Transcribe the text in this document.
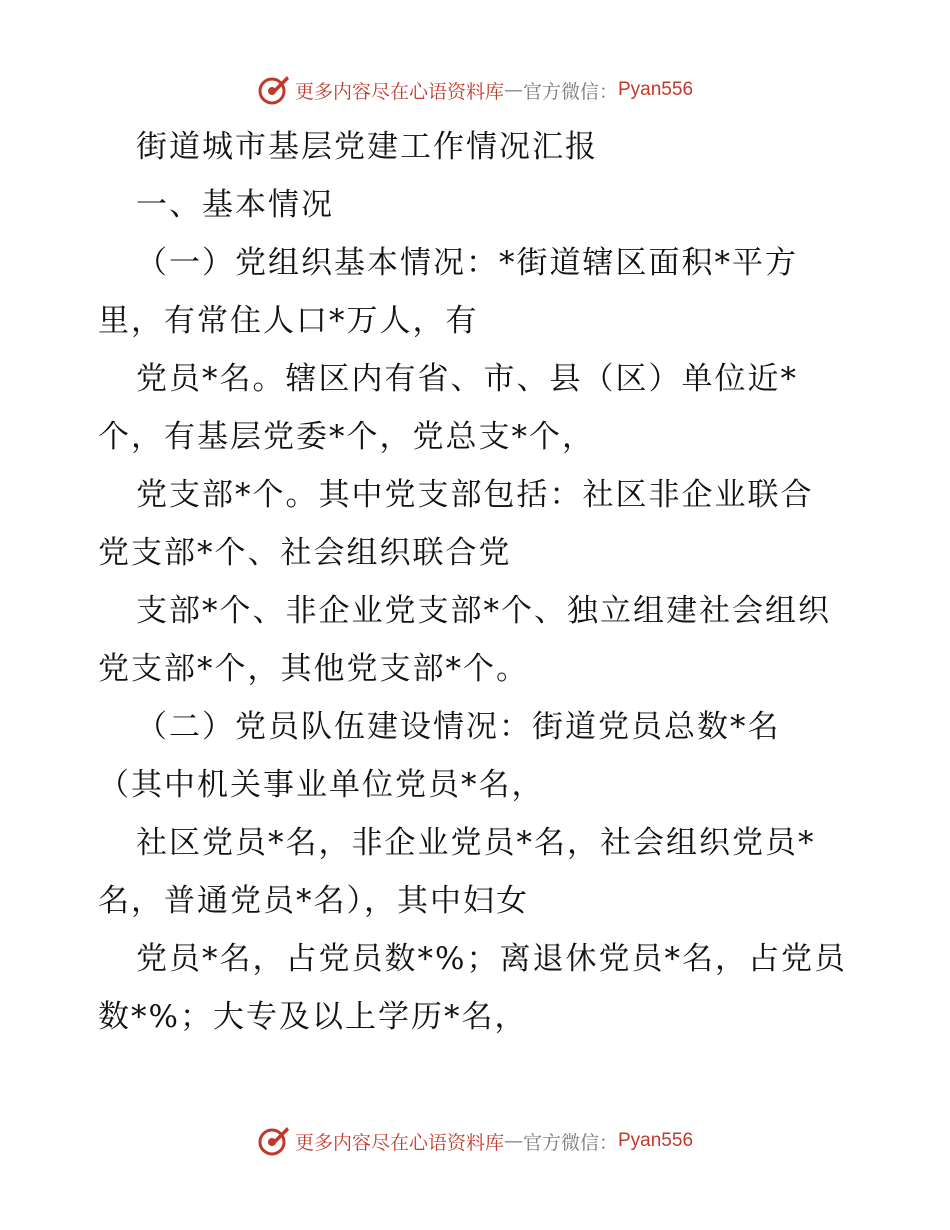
更多内容尽在心语资料库 — 官方微信： Pyan556
街道城市基层党建工作情况汇报
一、基本情况
（一）党组织基本情况：*街道辖区面积*平方
里，有常住人口*万人，有
党员*名。辖区内有省、市、县（区）单位近*
个，有基层党委*个，党总支*个，
党支部*个。其中党支部包括：社区非企业联合
党支部*个、社会组织联合党
支部*个、非企业党支部*个、独立组建社会组织
党支部*个，其他党支部*个。
（二）党员队伍建设情况：街道党员总数*名
（其中机关事业单位党员*名，
社区党员*名，非企业党员*名，社会组织党员*
名，普通党员*名），其中妇女
党员*名，占党员数*%；离退休党员*名，占党员
数*%；大专及以上学历*名，
更多内容尽在心语资料库 — 官方微信： Pyan556
